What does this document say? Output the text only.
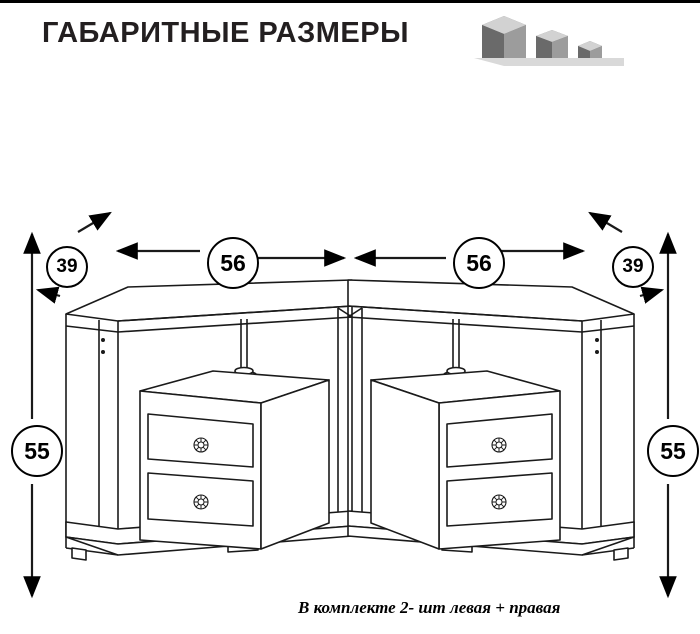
ГАБАРИТНЫЕ РАЗМЕРЫ
56	56
39	39
55	55
В комплекте 2- шт левая + правая
